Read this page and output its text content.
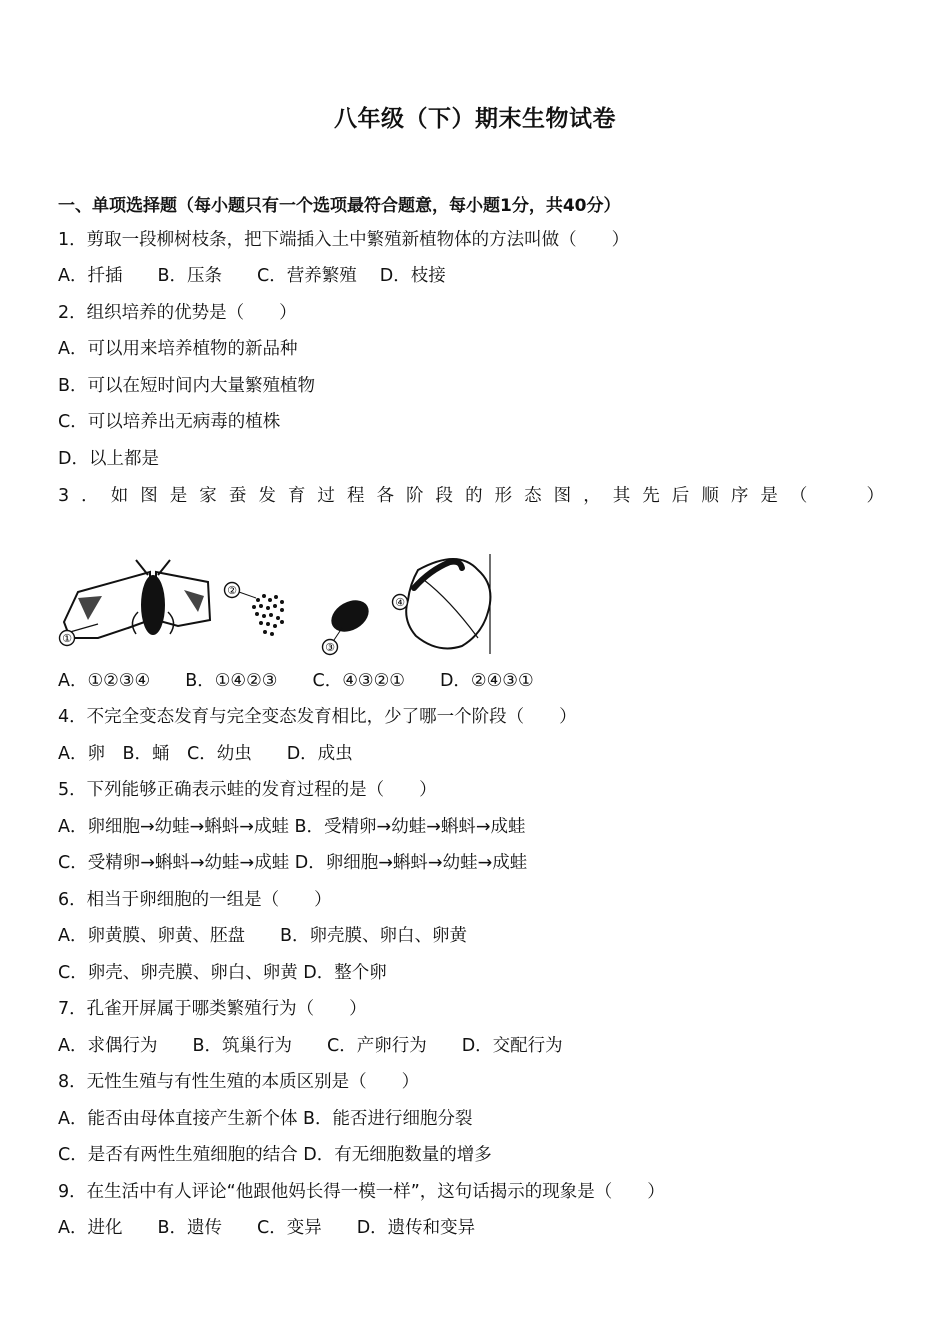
八年级（下）期末生物试卷
一、单项选择题（每小题只有一个选项最符合题意，每小题1分，共40分）
1．剪取一段柳树枝条，把下端插入土中繁殖新植物体的方法叫做（　　）
A．扦插　　B．压条　　C．营养繁殖　 D．枝接
2．组织培养的优势是（　　）
A．可以用来培养植物的新品种
B．可以在短时间内大量繁殖植物
C．可以培养出无病毒的植株
D．以上都是
3 ． 如 图 是 家 蚕 发 育 过 程 各 阶 段 的 形 态 图 ， 其 先 后 顺 序 是 （
　　	）
①
②
③
④
A．①②③④　　B．①④②③　　C．④③②①　　D．②④③①
4．不完全变态发育与完全变态发育相比，少了哪一个阶段（　　）
A．卵　B．蛹　C．幼虫　　D．成虫
5．下列能够正确表示蛙的发育过程的是（　　）
A．卵细胞→幼蛙→蝌蚪→成蛙 B．受精卵→幼蛙→蝌蚪→成蛙
C．受精卵→蝌蚪→幼蛙→成蛙 D．卵细胞→蝌蚪→幼蛙→成蛙
6．相当于卵细胞的一组是（　　）
A．卵黄膜、卵黄、胚盘　　B．卵壳膜、卵白、卵黄
C．卵壳、卵壳膜、卵白、卵黄 D．整个卵
7．孔雀开屏属于哪类繁殖行为（　　）
A．求偶行为　　B．筑巢行为　　C．产卵行为　　D．交配行为
8．无性生殖与有性生殖的本质区别是（　　）
A．能否由母体直接产生新个体 B．能否进行细胞分裂
C．是否有两性生殖细胞的结合 D．有无细胞数量的增多
9．在生活中有人评论“他跟他妈长得一模一样”，这句话揭示的现象是（　　）
A．进化　　B．遗传　　C．变异　　D．遗传和变异
